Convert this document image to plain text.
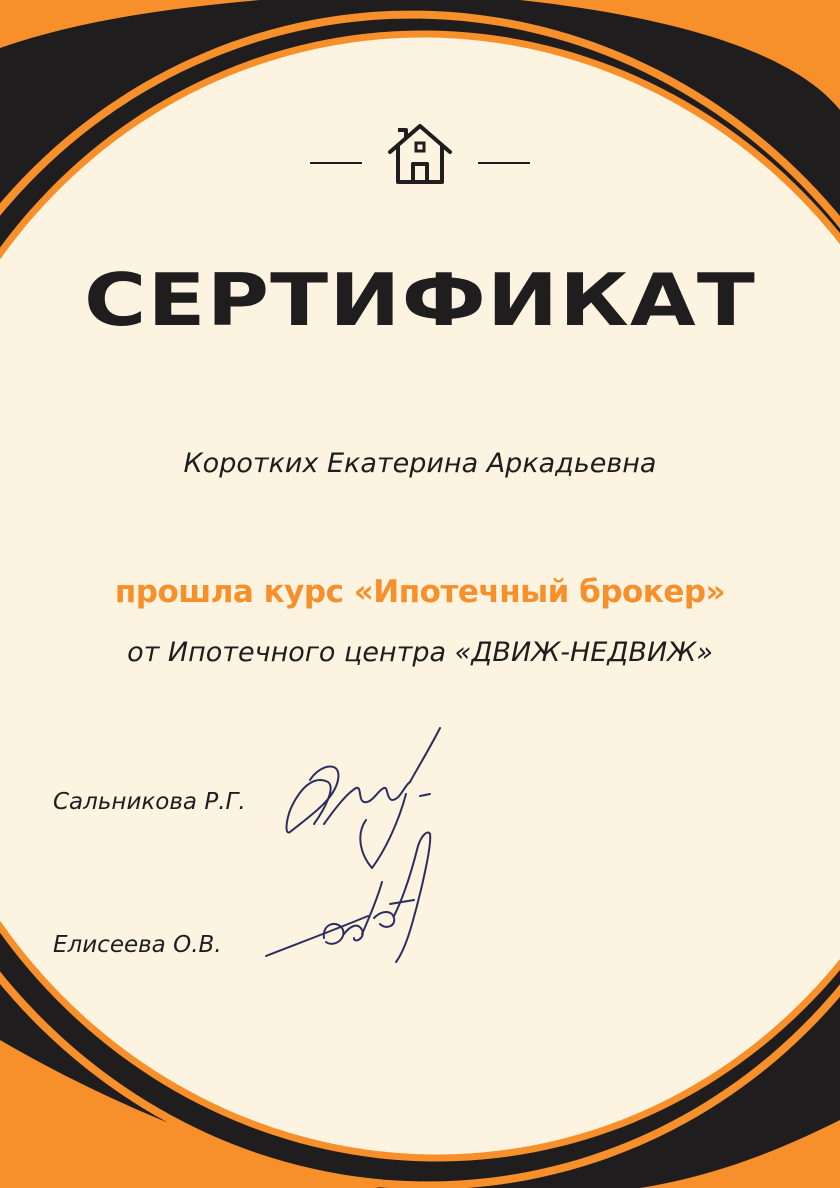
СЕРТИФИКАТ
Коротких Екатерина Аркадьевна
прошла курс «Ипотечный брокер»
от Ипотечного центра «ДВИЖ-НЕДВИЖ»
Сальникова Р.Г.
Елисеева О.В.
